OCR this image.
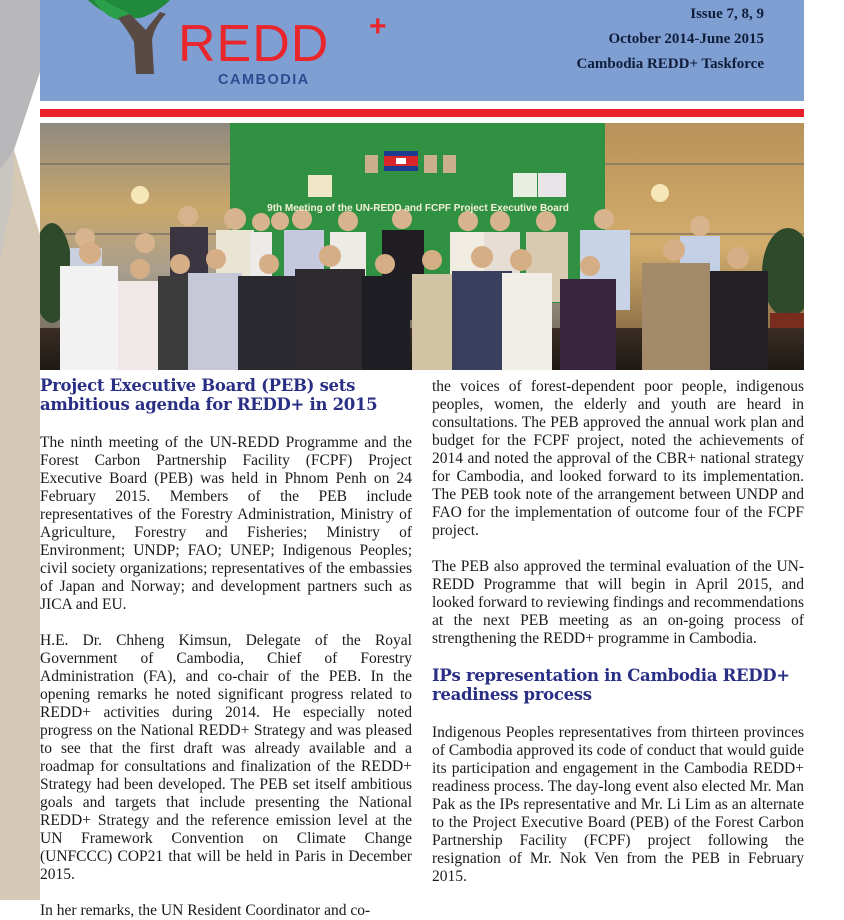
REDD +
CAMBODIA
Issue 7, 8, 9
October 2014-June 2015
Cambodia REDD+ Taskforce
9th Meeting of the UN-REDD and FCPF Project Executive Board
Project Executive Board (PEB) sets
ambitious agenda for REDD+ in 2015

The ninth meeting of the UN-REDD Programme and the Forest Carbon Partnership Facility (FCPF) Project Executive Board (PEB) was held in Phnom Penh on 24 February 2015. Members of the PEB include representatives of the Forestry Administration, Ministry of Agriculture, Forestry and Fisheries; Ministry of Environment; UNDP; FAO; UNEP; Indigenous Peoples; civil society organizations; representatives of the embassies of Japan and Norway; and development partners such as JICA and EU.

H.E. Dr. Chheng Kimsun, Delegate of the Royal Government of Cambodia, Chief of Forestry Administration (FA), and co-chair of the PEB. In the opening remarks he noted significant progress related to REDD+ activities during 2014. He especially noted progress on the National REDD+ Strategy and was pleased to see that the first draft was already available and a roadmap for consultations and finalization of the REDD+ Strategy had been developed. The PEB set itself ambitious goals and targets that include presenting the National REDD+ Strategy and the reference emission level at the UN Framework Convention on Climate Change (UNFCCC) COP21 that will be held in Paris in December 2015.

In her remarks, the UN Resident Coordinator and co-

the voices of forest-dependent poor people, indigenous peoples, women, the elderly and youth are heard in consultations. The PEB approved the annual work plan and budget for the FCPF project, noted the achievements of 2014 and noted the approval of the CBR+ national strategy for Cambodia, and looked forward to its implementation. The PEB took note of the arrangement between UNDP and FAO for the implementation of outcome four of the FCPF project.

The PEB also approved the terminal evaluation of the UN-REDD Programme that will begin in April 2015, and looked forward to reviewing findings and recommendations at the next PEB meeting as an on-going process of strengthening the REDD+ programme in Cambodia.

IPs representation in Cambodia REDD+
readiness process

Indigenous Peoples representatives from thirteen provinces of Cambodia approved its code of conduct that would guide its participation and engagement in the Cambodia REDD+ readiness process. The day-long event also elected Mr. Man Pak as the IPs representative and Mr. Li Lim as an alternate to the Project Executive Board (PEB) of the Forest Carbon Partnership Facility (FCPF) project following the resignation of Mr. Nok Ven from the PEB in February 2015.
